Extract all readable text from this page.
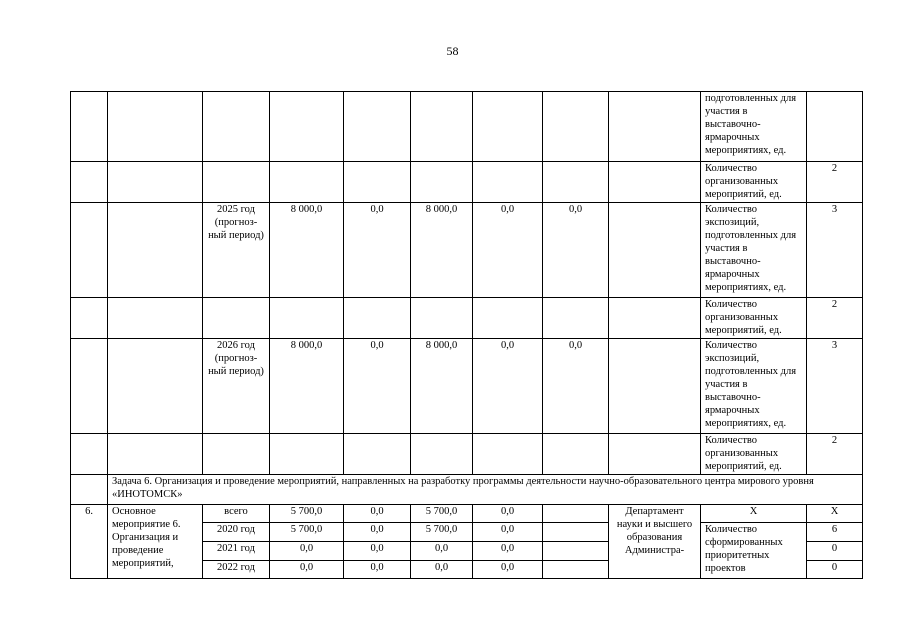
58
									подготовленных для участия в выставочно- ярмарочных мероприятиях, ед.	
									Количество организованных мероприятий, ед.	2
		2025 год (прогноз- ный период)	8 000,0	0,0	8 000,0	0,0	0,0		Количество экспозиций, подготовленных для участия в выставочно- ярмарочных мероприятиях, ед.	3
									Количество организованных мероприятий, ед.	2
		2026 год (прогноз- ный период)	8 000,0	0,0	8 000,0	0,0	0,0		Количество экспозиций, подготовленных для участия в выставочно- ярмарочных мероприятиях, ед.	3
									Количество организованных мероприятий, ед.	2
	Задача 6. Организация и проведение мероприятий, направленных на разработку программы деятельности научно-образовательного центра мирового уровня «ИНОТОМСК»									
6.	Основное мероприятие 6. Организация и проведение мероприятий,	всего	5 700,0	0,0	5 700,0	0,0		Департамент науки и высшего образования Администра-	Х	Х
		2020 год	5 700,0	0,0	5 700,0	0,0			Количество сформированных приоритетных проектов	6
		2021 год	0,0	0,0	0,0	0,0				0
		2022 год	0,0	0,0	0,0	0,0				0
